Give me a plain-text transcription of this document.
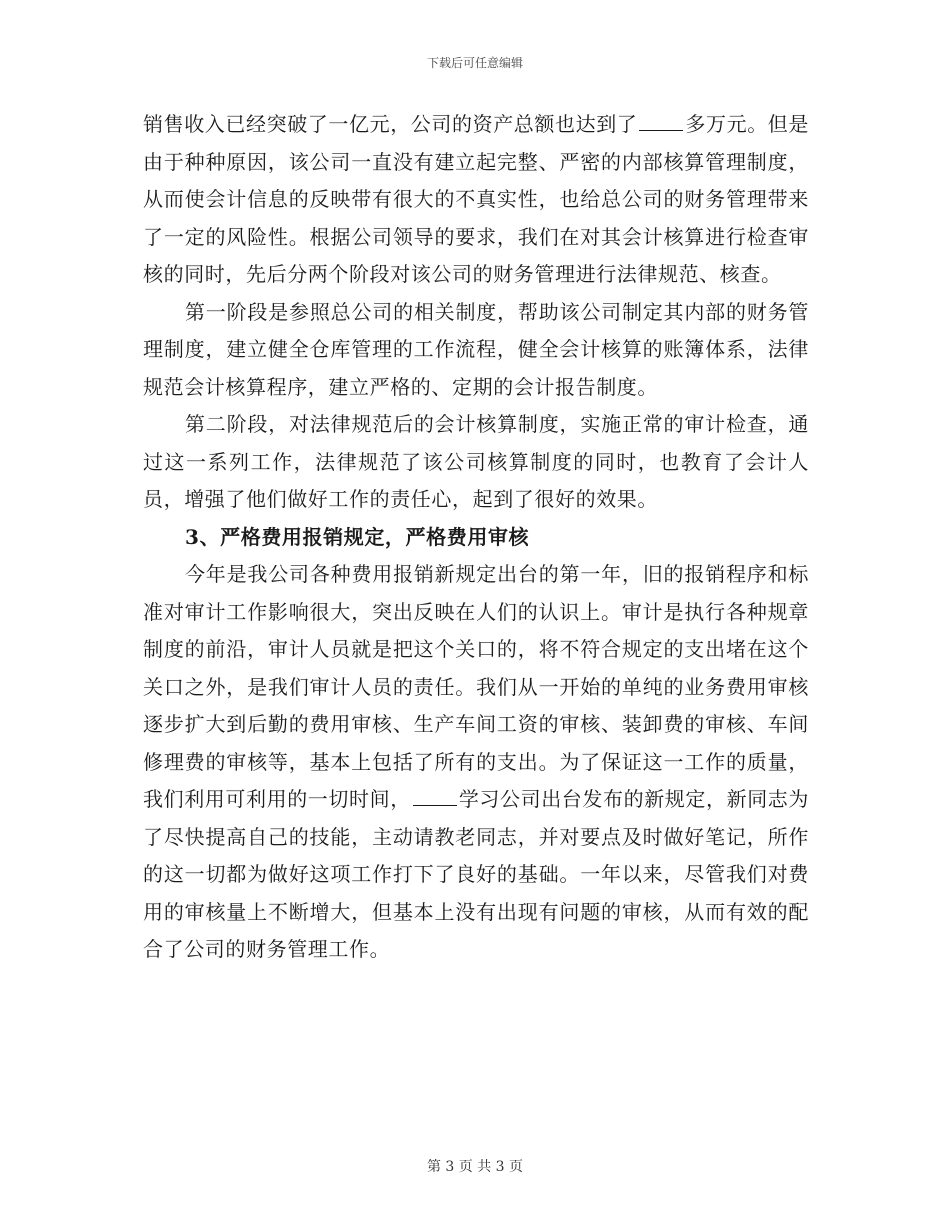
下载后可任意编辑

销售收入已经突破了一亿元，公司的资产总额也达到了 多万元。但是由于种种原因，该公司一直没有建立起完整、严密的内部核算管理制度，从而使会计信息的反映带有很大的不真实性，也给总公司的财务管理带来了一定的风险性。根据公司领导的要求，我们在对其会计核算进行检查审核的同时，先后分两个阶段对该公司的财务管理进行法律规范、核查。

第一阶段是参照总公司的相关制度，帮助该公司制定其内部的财务管理制度，建立健全仓库管理的工作流程，健全会计核算的账簿体系，法律规范会计核算程序，建立严格的、定期的会计报告制度。

第二阶段，对法律规范后的会计核算制度，实施正常的审计检查，通过这一系列工作，法律规范了该公司核算制度的同时，也教育了会计人员，增强了他们做好工作的责任心，起到了很好的效果。

3、严格费用报销规定，严格费用审核

今年是我公司各种费用报销新规定出台的第一年，旧的报销程序和标准对审计工作影响很大，突出反映在人们的认识上。审计是执行各种规章制度的前沿，审计人员就是把这个关口的，将不符合规定的支出堵在这个关口之外，是我们审计人员的责任。我们从一开始的单纯的业务费用审核逐步扩大到后勤的费用审核、生产车间工资的审核、装卸费的审核、车间修理费的审核等，基本上包括了所有的支出。为了保证这一工作的质量，我们利用可利用的一切时间， 学习公司出台发布的新规定，新同志为了尽快提高自己的技能，主动请教老同志，并对要点及时做好笔记，所作的这一切都为做好这项工作打下了良好的基础。一年以来，尽管我们对费用的审核量上不断增大，但基本上没有出现有问题的审核，从而有效的配合了公司的财务管理工作。

第 3 页 共 3 页
